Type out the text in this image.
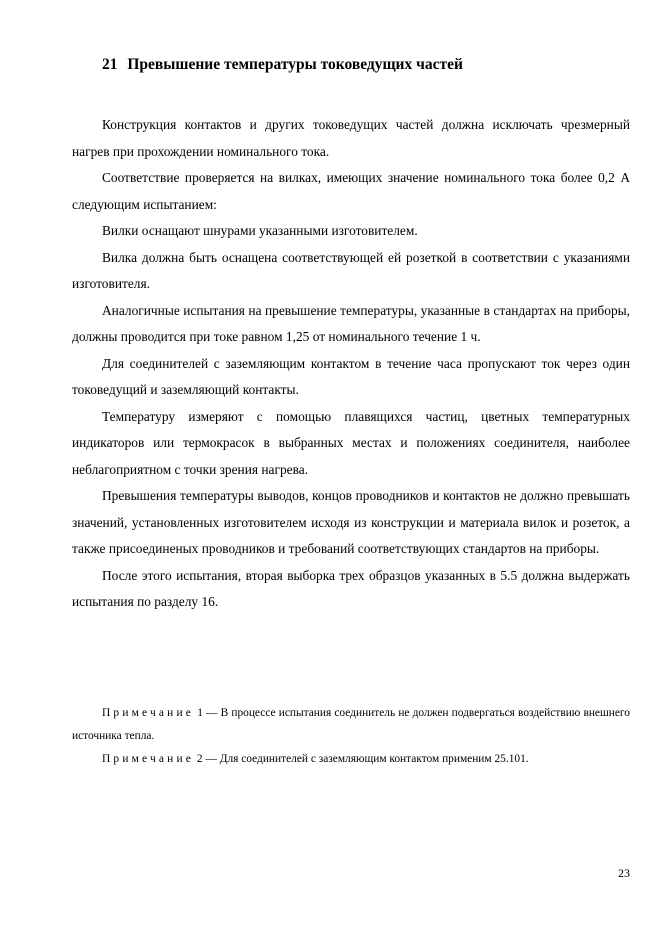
21 Превышение температуры токоведущих частей

Конструкция контактов и других токоведущих частей должна исключать чрезмерный нагрев при прохождении номинального тока.

Соответствие проверяется на вилках, имеющих значение номинального тока более 0,2 А следующим испытанием:

Вилки оснащают шнурами указанными изготовителем.

Вилка должна быть оснащена соответствующей ей розеткой в соответствии с указаниями изготовителя.

Аналогичные испытания на превышение температуры, указанные в стандартах на приборы, должны проводится при токе равном 1,25 от номинального течение 1 ч.

Для соединителей с заземляющим контактом в течение часа пропускают ток через один токоведущий и заземляющий контакты.

Температуру измеряют с помощью плавящихся частиц, цветных температурных индикаторов или термокрасок в выбранных местах и положениях соединителя, наиболее неблагоприятном с точки зрения нагрева.

Превышения температуры выводов, концов проводников и контактов не должно превышать значений, установленных изготовителем исходя из конструкции и материала вилок и розеток, а также присоединеных проводников и требований соответствующих стандартов на приборы.

После этого испытания, вторая выборка трех образцов указанных в 5.5 должна выдержать испытания по разделу 16.

Примечание 1 — В процессе испытания соединитель не должен подвергаться воздействию внешнего источника тепла.

Примечание 2 — Для соединителей с заземляющим контактом применим 25.101.

23
